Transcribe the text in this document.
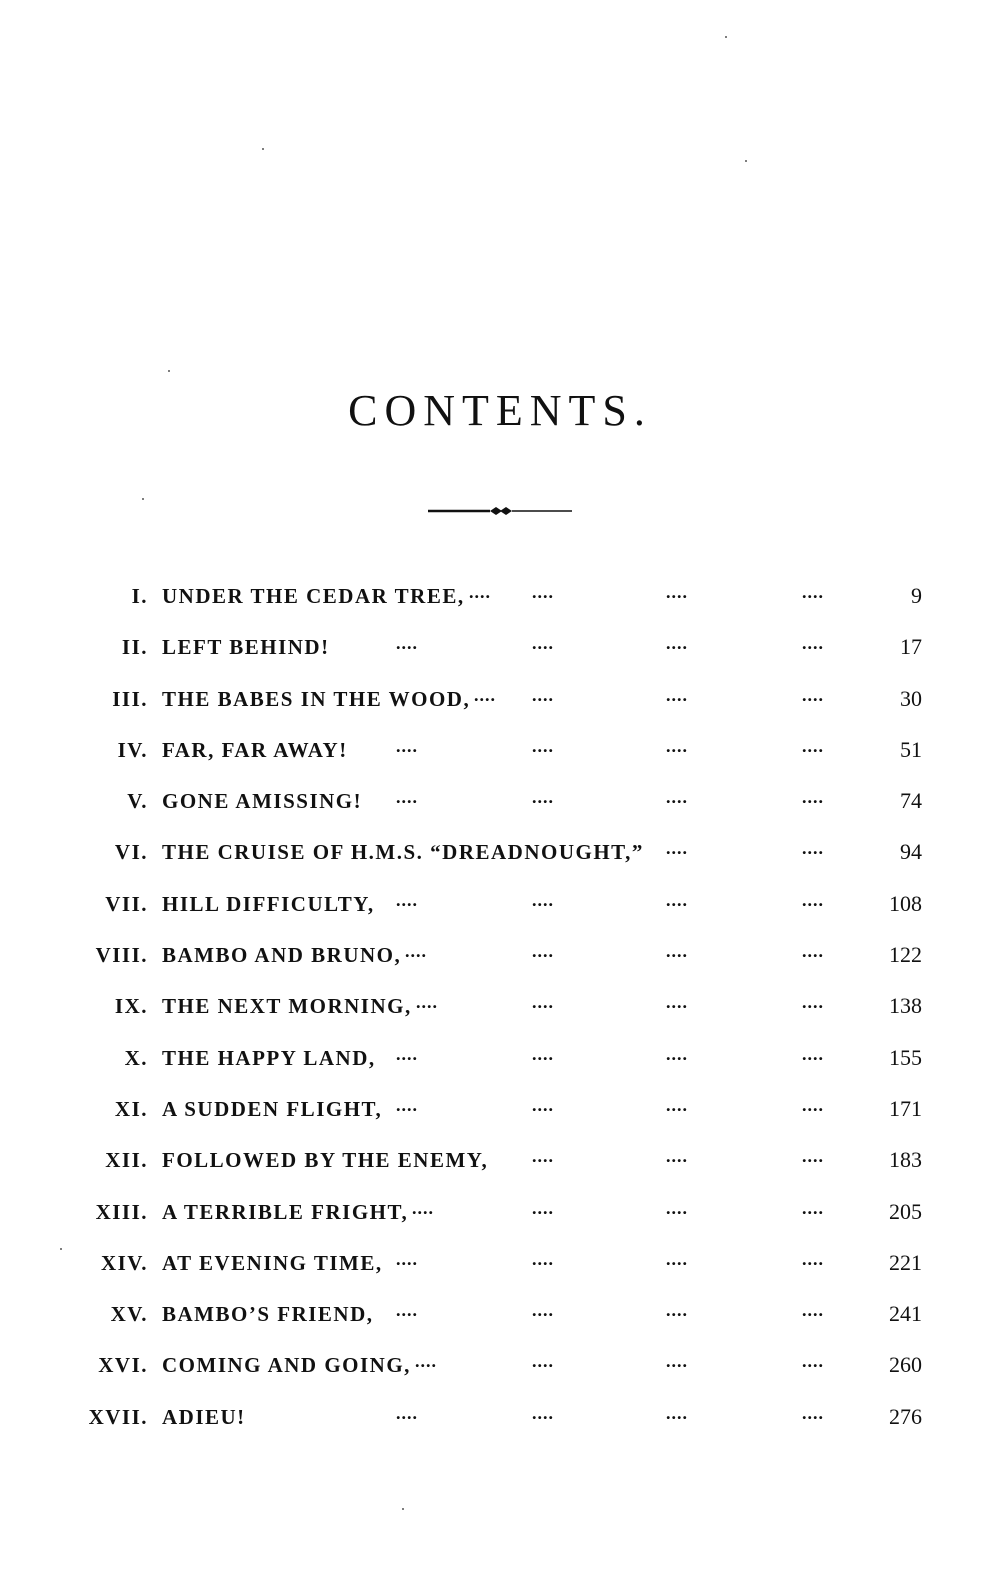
CONTENTS.
I. UNDER THE CEDAR TREE,	9
....	....	....
....
II. LEFT BEHIND!	17
....	....	....	....
III. THE BABES IN THE WOOD,	30
....	....	....
....
IV. FAR, FAR AWAY!	51
....	....	....	....
V. GONE AMISSING!	74
....	....	....	....
VI. THE CRUISE OF H.M.S. “DREADNOUGHT,”	94
....	....
VII. HILL DIFFICULTY,	108
....	....	....	....
VIII. BAMBO AND BRUNO,	122
....	....	....
....
IX. THE NEXT MORNING,	138
....	....	....
....
X. THE HAPPY LAND,	155
....	....	....	....
XI. A SUDDEN FLIGHT,	171
....	....	....	....
XII. FOLLOWED BY THE ENEMY,	183
....	....	....
XIII. A TERRIBLE FRIGHT,	205
....	....	....
....
XIV. AT EVENING TIME,	221
....	....	....	....
XV. BAMBO’S FRIEND,	241
....	....	....	....
XVI. COMING AND GOING,	260
....	....	....
....
XVII. ADIEU!	276
....	....	....	....
